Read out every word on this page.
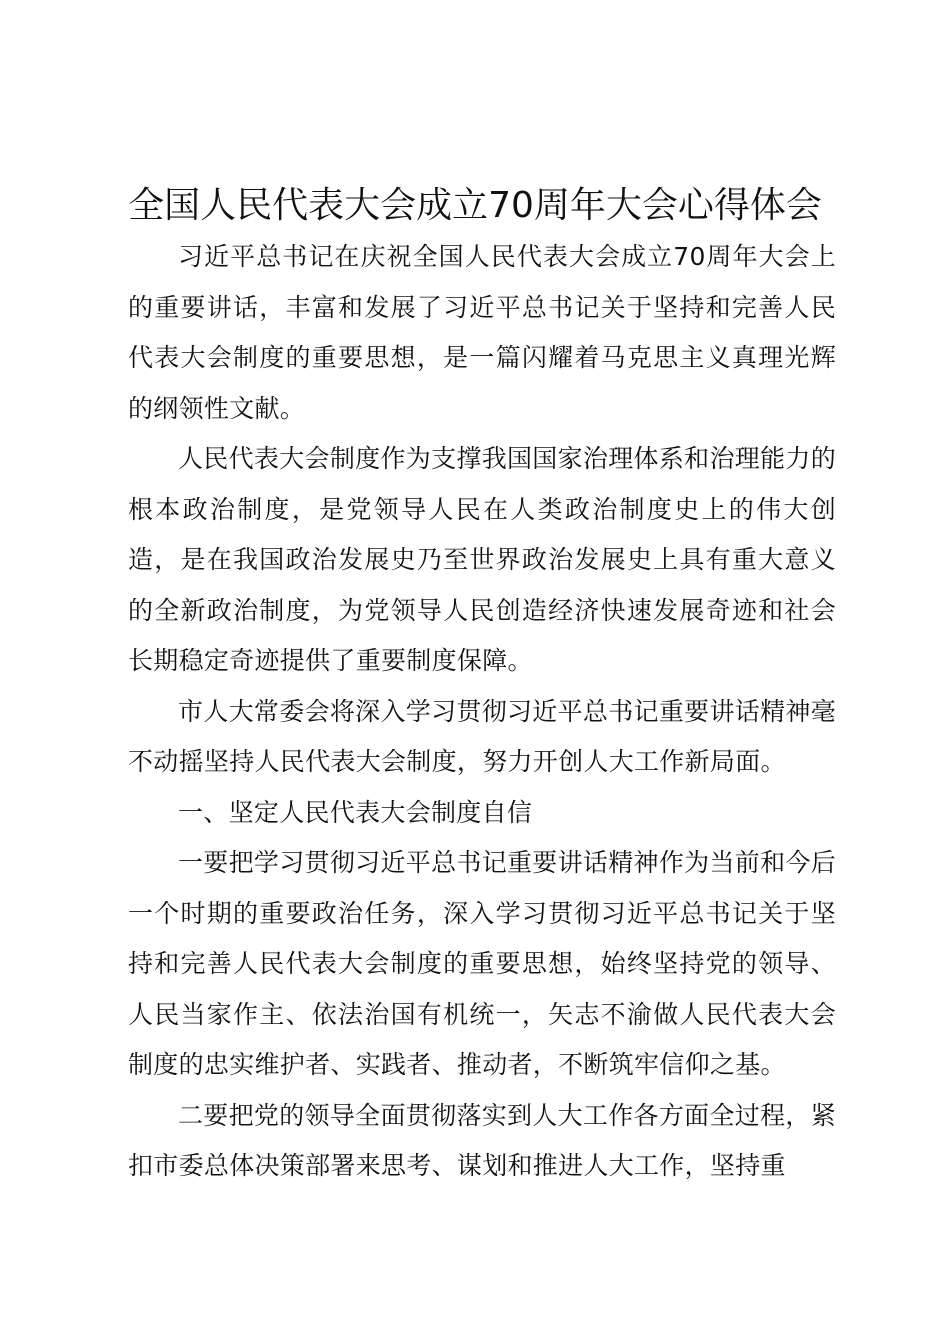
全国人民代表大会成立70周年大会心得体会

习近平总书记在庆祝全国人民代表大会成立70周年大会上的重要讲话，丰富和发展了习近平总书记关于坚持和完善人民代表大会制度的重要思想，是一篇闪耀着马克思主义真理光辉的纲领性文献。

人民代表大会制度作为支撑我国国家治理体系和治理能力的根本政治制度，是党领导人民在人类政治制度史上的伟大创造，是在我国政治发展史乃至世界政治发展史上具有重大意义的全新政治制度，为党领导人民创造经济快速发展奇迹和社会长期稳定奇迹提供了重要制度保障。

市人大常委会将深入学习贯彻习近平总书记重要讲话精神毫不动摇坚持人民代表大会制度，努力开创人大工作新局面。

一、坚定人民代表大会制度自信

一要把学习贯彻习近平总书记重要讲话精神作为当前和今后一个时期的重要政治任务，深入学习贯彻习近平总书记关于坚持和完善人民代表大会制度的重要思想，始终坚持党的领导、人民当家作主、依法治国有机统一，矢志不渝做人民代表大会制度的忠实维护者、实践者、推动者，不断筑牢信仰之基。

二要把党的领导全面贯彻落实到人大工作各方面全过程，紧扣市委总体决策部署来思考、谋划和推进人大工作，坚持重
